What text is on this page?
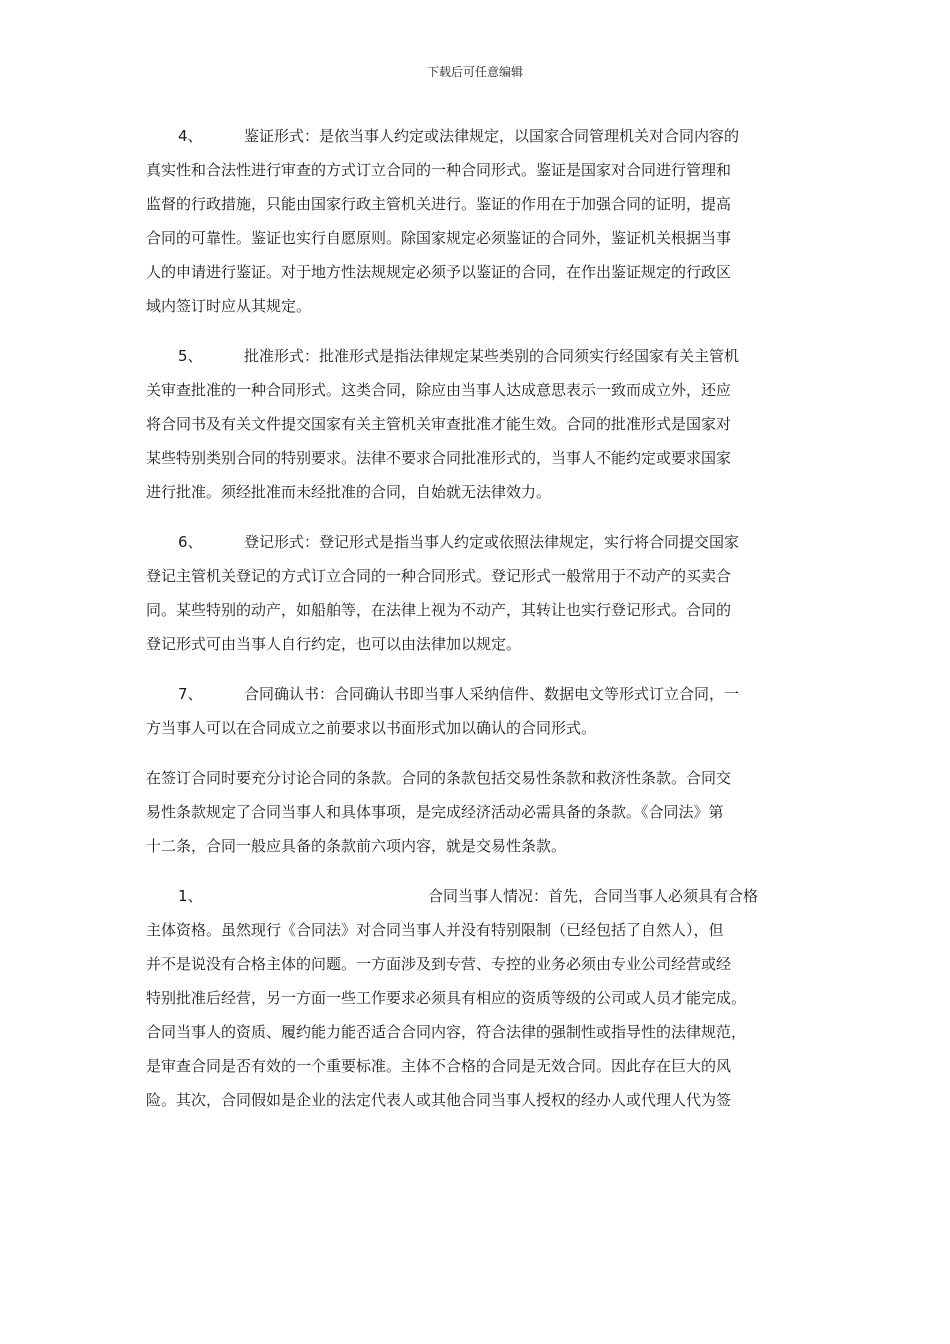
下载后可任意编辑
4、	鉴证形式：是依当事人约定或法律规定，以国家合同管理机关对合同内容的
真实性和合法性进行审查的方式订立合同的一种合同形式。鉴证是国家对合同进行管理和
监督的行政措施，只能由国家行政主管机关进行。鉴证的作用在于加强合同的证明，提高
合同的可靠性。鉴证也实行自愿原则。除国家规定必须鉴证的合同外，鉴证机关根据当事
人的申请进行鉴证。对于地方性法规规定必须予以鉴证的合同，在作出鉴证规定的行政区
域内签订时应从其规定。
5、	批准形式：批准形式是指法律规定某些类别的合同须实行经国家有关主管机
关审查批准的一种合同形式。这类合同，除应由当事人达成意思表示一致而成立外，还应
将合同书及有关文件提交国家有关主管机关审查批准才能生效。合同的批准形式是国家对
某些特别类别合同的特别要求。法律不要求合同批准形式的，当事人不能约定或要求国家
进行批准。须经批准而未经批准的合同，自始就无法律效力。
6、	登记形式：登记形式是指当事人约定或依照法律规定，实行将合同提交国家
登记主管机关登记的方式订立合同的一种合同形式。登记形式一般常用于不动产的买卖合
同。某些特别的动产，如船舶等，在法律上视为不动产，其转让也实行登记形式。合同的
登记形式可由当事人自行约定，也可以由法律加以规定。
7、	合同确认书：合同确认书即当事人采纳信件、数据电文等形式订立合同，一
方当事人可以在合同成立之前要求以书面形式加以确认的合同形式。
在签订合同时要充分讨论合同的条款。合同的条款包括交易性条款和救济性条款。合同交
易性条款规定了合同当事人和具体事项，是完成经济活动必需具备的条款。《合同法》第
十二条，合同一般应具备的条款前六项内容，就是交易性条款。
1、	合同当事人情况：首先，合同当事人必须具有合格
主体资格。虽然现行《合同法》对合同当事人并没有特别限制（已经包括了自然人），但
并不是说没有合格主体的问题。一方面涉及到专营、专控的业务必须由专业公司经营或经
特别批准后经营，另一方面一些工作要求必须具有相应的资质等级的公司或人员才能完成。
合同当事人的资质、履约能力能否适合合同内容，符合法律的强制性或指导性的法律规范，
是审查合同是否有效的一个重要标准。主体不合格的合同是无效合同。因此存在巨大的风
险。其次，合同假如是企业的法定代表人或其他合同当事人授权的经办人或代理人代为签
